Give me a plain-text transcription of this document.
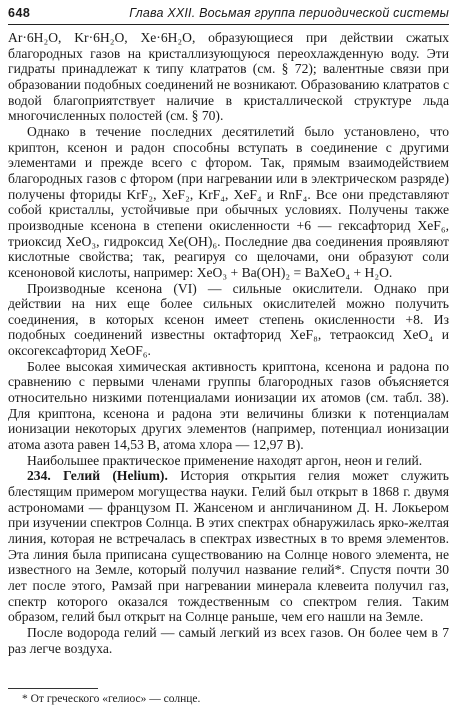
648	Глава XXII. Восьмая группа периодической системы

Ar·6H₂O, Kr·6H₂O, Xe·6H₂O, образующиеся при действии сжатых благородных газов на кристаллизующуюся переохлажденную воду. Эти гидраты принадлежат к типу клатратов (см. § 72); валентные связи при образовании подобных соединений не возникают. Образованию клатратов с водой благоприятствует наличие в кристаллической структуре льда многочисленных полостей (см. § 70).

Однако в течение последних десятилетий было установлено, что криптон, ксенон и радон способны вступать в соединение с другими элементами и прежде всего с фтором. Так, прямым взаимодействием благородных газов с фтором (при нагревании или в электрическом разряде) получены фториды KrF₂, XeF₂, KrF₄, XeF₄ и RnF₄. Все они представляют собой кристаллы, устойчивые при обычных условиях. Получены также производные ксенона в степени окисленности +6 — гексафторид XeF₆, триоксид XeO₃, гидроксид Xe(OH)₆. Последние два соединения проявляют кислотные свойства; так, реагируя со щелочами, они образуют соли ксеноновой кислоты, например: XeO₃ + Ba(OH)₂ = BaXeO₄ + H₂O.

Производные ксенона (VI) — сильные окислители. Однако при действии на них еще более сильных окислителей можно получить соединения, в которых ксенон имеет степень окисленности +8. Из подобных соединений известны октафторид XeF₈, тетраоксид XeO₄ и оксогексафторид XeOF₆.

Более высокая химическая активность криптона, ксенона и радона по сравнению с первыми членами группы благородных газов объясняется относительно низкими потенциалами ионизации их атомов (см. табл. 38). Для криптона, ксенона и радона эти величины близки к потенциалам ионизации некоторых других элементов (например, потенциал ионизации атома азота равен 14,53 В, атома хлора — 12,97 В).

Наибольшее практическое применение находят аргон, неон и гелий.

234. Гелий (Helium). История открытия гелия может служить блестящим примером могущества науки. Гелий был открыт в 1868 г. двумя астрономами — французом П. Жансеном и англичанином Д. Н. Локьером при изучении спектров Солнца. В этих спектрах обнаружилась ярко-желтая линия, которая не встречалась в спектрах известных в то время элементов. Эта линия была приписана существованию на Солнце нового элемента, не известного на Земле, который получил название гелий*. Спустя почти 30 лет после этого, Рамзай при нагревании минерала клевеита получил газ, спектр которого оказался тождественным со спектром гелия. Таким образом, гелий был открыт на Солнце раньше, чем его нашли на Земле.

После водорода гелий — самый легкий из всех газов. Он более чем в 7 раз легче воздуха.

* От греческого «гелиос» — солнце.
